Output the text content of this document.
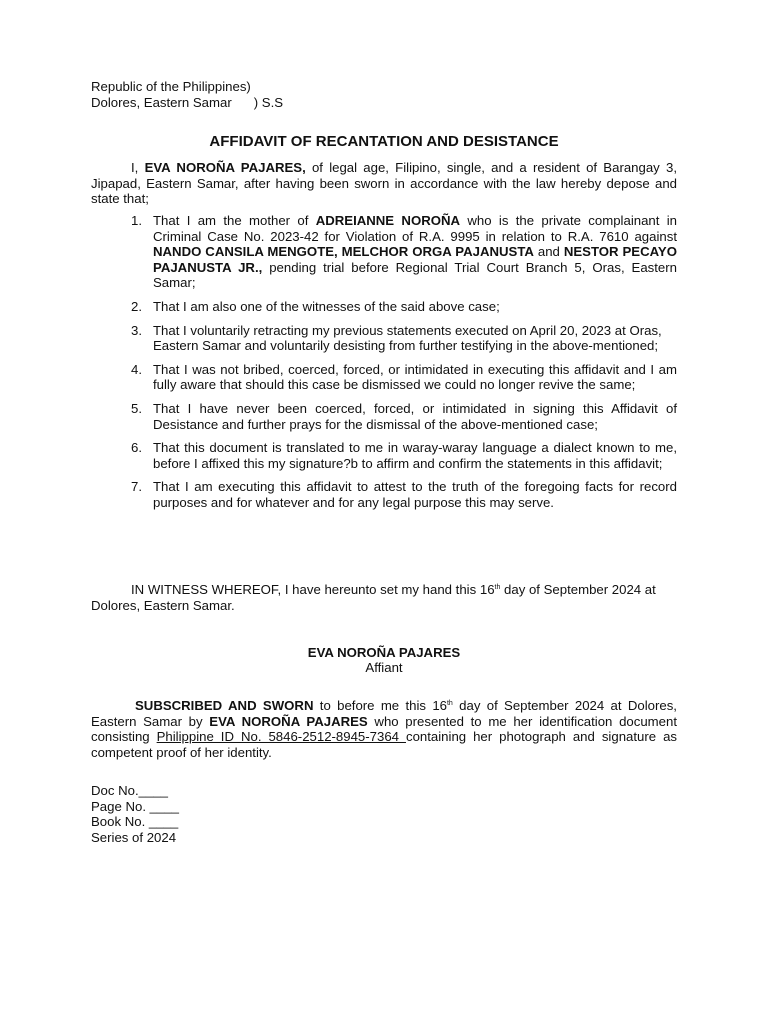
Republic of the Philippines)
Dolores, Eastern Samar ) S.S
AFFIDAVIT OF RECANTATION AND DESISTANCE
I, EVA NOROÑA PAJARES, of legal age, Filipino, single, and a resident of Barangay 3, Jipapad, Eastern Samar, after having been sworn in accordance with the law hereby depose and state that;
1. That I am the mother of ADREIANNE NOROÑA who is the private complainant in Criminal Case No. 2023-42 for Violation of R.A. 9995 in relation to R.A. 7610 against NANDO CANSILA MENGOTE, MELCHOR ORGA PAJANUSTA and NESTOR PECAYO PAJANUSTA JR., pending trial before Regional Trial Court Branch 5, Oras, Eastern Samar;
2. That I am also one of the witnesses of the said above case;
3. That I voluntarily retracting my previous statements executed on April 20, 2023 at Oras, Eastern Samar and voluntarily desisting from further testifying in the above-mentioned;
4. That I was not bribed, coerced, forced, or intimidated in executing this affidavit and I am fully aware that should this case be dismissed we could no longer revive the same;
5. That I have never been coerced, forced, or intimidated in signing this Affidavit of Desistance and further prays for the dismissal of the above-mentioned case;
6. That this document is translated to me in waray-waray language a dialect known to me, before I affixed this my signature?b to affirm and confirm the statements in this affidavit;
7. That I am executing this affidavit to attest to the truth of the foregoing facts for record purposes and for whatever and for any legal purpose this may serve.
IN WITNESS WHEREOF, I have hereunto set my hand this 16th day of September 2024 at Dolores, Eastern Samar.
EVA NOROÑA PAJARES
Affiant
SUBSCRIBED AND SWORN to before me this 16th day of September 2024 at Dolores, Eastern Samar by EVA NOROÑA PAJARES who presented to me her identification document consisting Philippine ID No. 5846-2512-8945-7364 containing her photograph and signature as competent proof of her identity.
Doc No.____
Page No. ____
Book No. ____
Series of 2024
